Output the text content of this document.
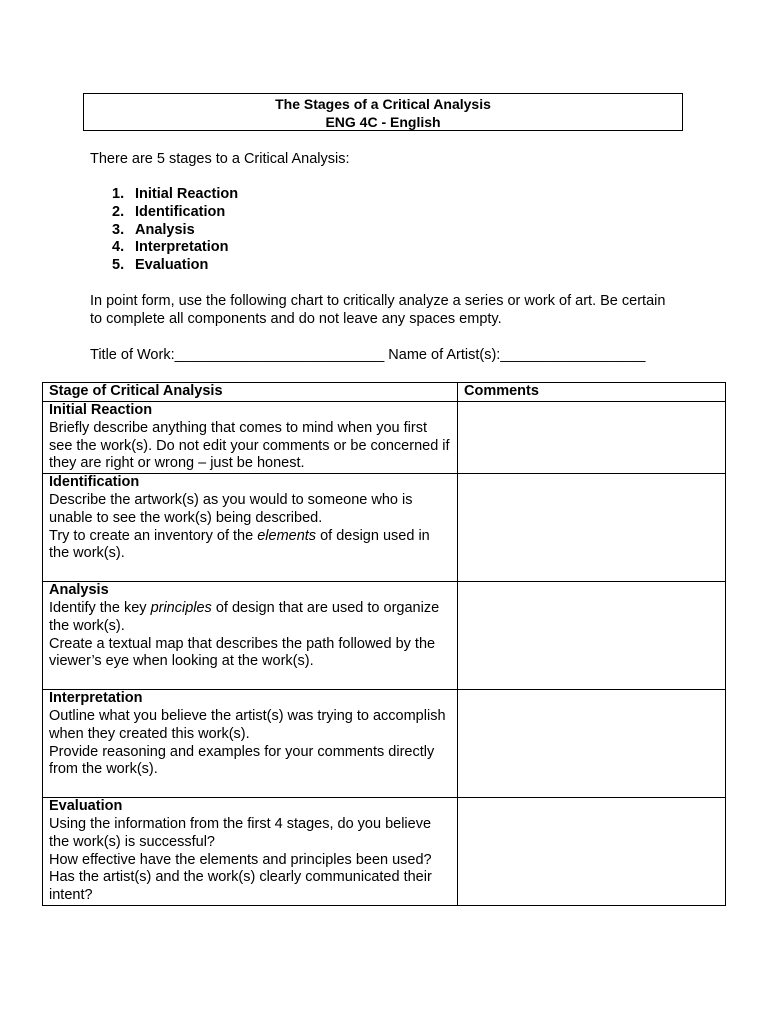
The Stages of a Critical Analysis
ENG 4C - English
There are 5 stages to a Critical Analysis:
1. Initial Reaction
2. Identification
3. Analysis
4. Interpretation
5. Evaluation
In point form, use the following chart to critically analyze a series or work of art. Be certain to complete all components and do not leave any spaces empty.
Title of Work:__________________________ Name of Artist(s):__________________
Stage of Critical Analysis	Comments

Initial Reaction
Briefly describe anything that comes to mind when you first see the work(s). Do not edit your comments or be concerned if they are right or wrong – just be honest.	

Identification
Describe the artwork(s) as you would to someone who is unable to see the work(s) being described.
Try to create an inventory of the elements of design used in the work(s).	

Analysis
Identify the key principles of design that are used to organize the work(s).
Create a textual map that describes the path followed by the viewer’s eye when looking at the work(s).	

Interpretation
Outline what you believe the artist(s) was trying to accomplish when they created this work(s).
Provide reasoning and examples for your comments directly from the work(s).	

Evaluation
Using the information from the first 4 stages, do you believe the work(s) is successful?
How effective have the elements and principles been used?
Has the artist(s) and the work(s) clearly communicated their intent?	
